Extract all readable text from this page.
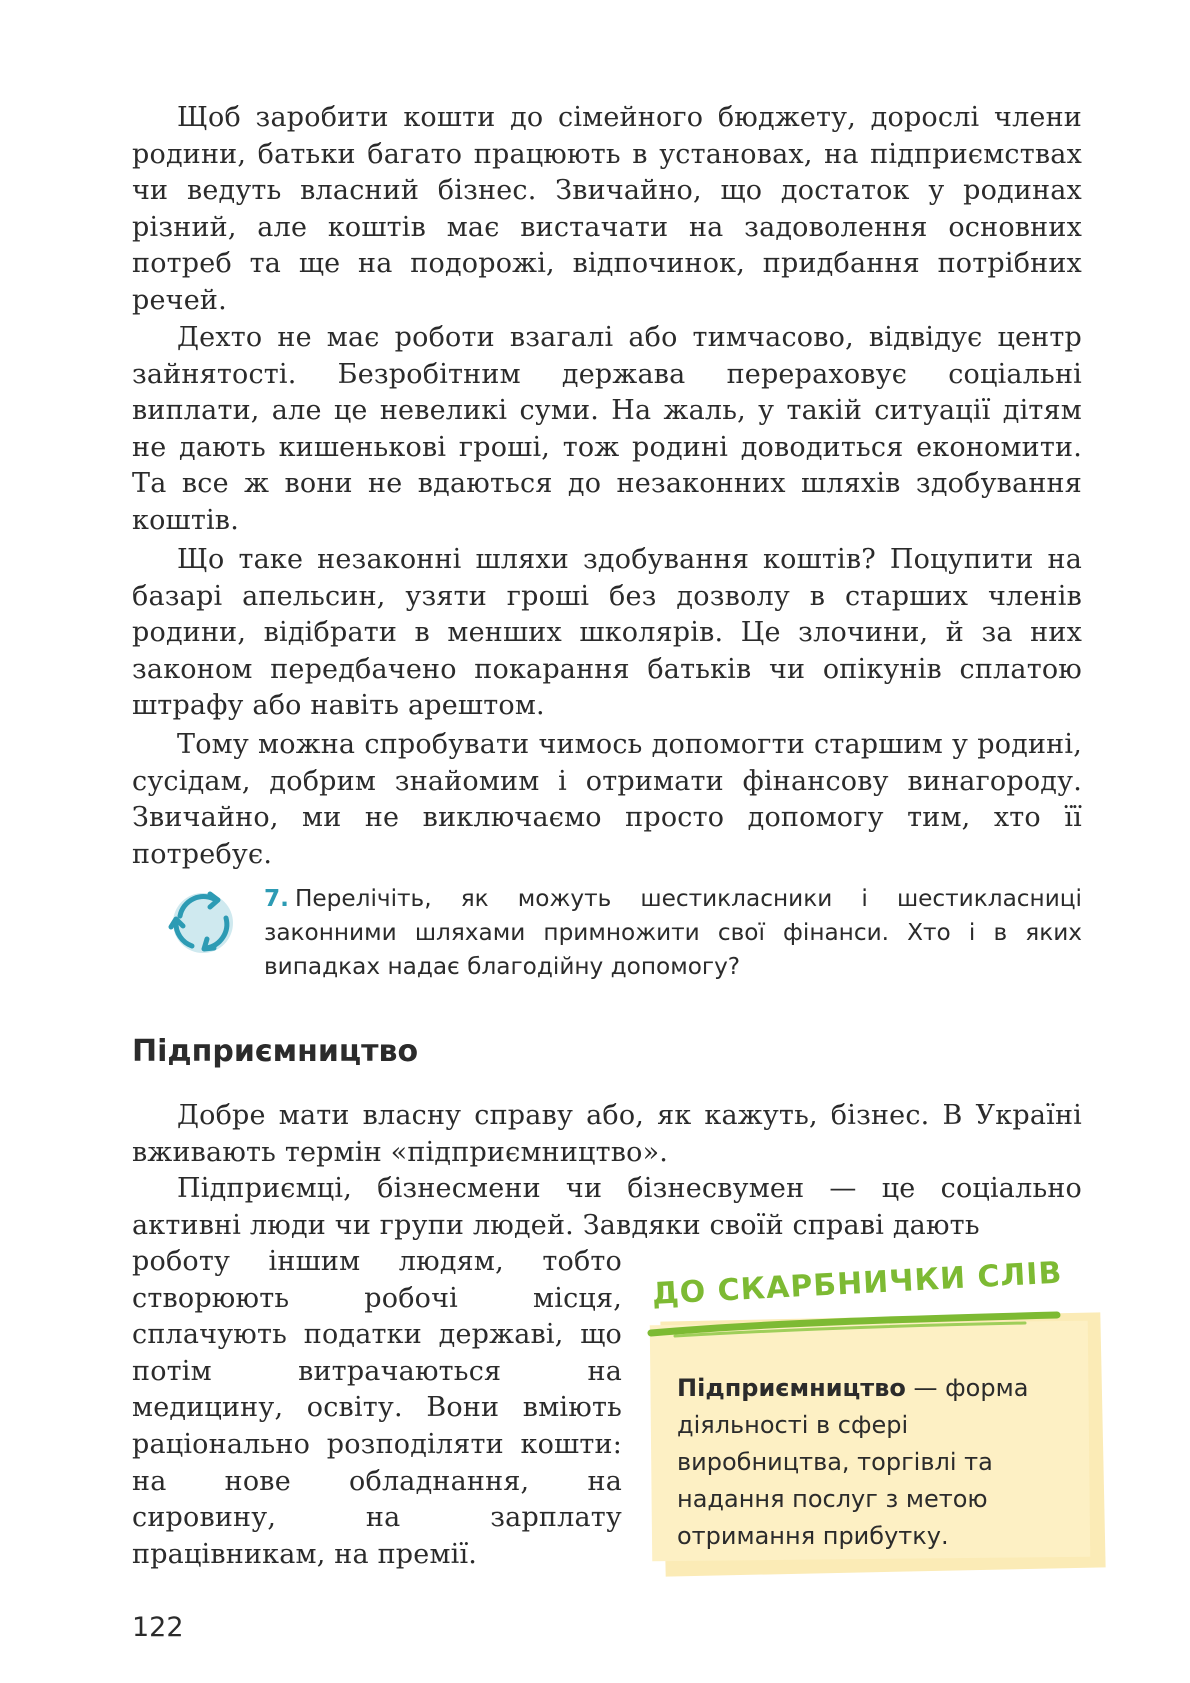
Щоб заробити кошти до сімейного бюджету, дорослі члени родини, батьки багато працюють в установах, на підприємствах чи ведуть власний бізнес. Звичайно, що достаток у родинах різний, але коштів має вистачати на задоволення основних потреб та ще на подорожі, відпочинок, придбання потрібних речей.

Дехто не має роботи взагалі або тимчасово, відвідує центр зайнятості. Безробітним держава перераховує соціальні виплати, але це невеликі суми. На жаль, у такій ситуації дітям не дають кишенькові гроші, тож родині доводиться економити. Та все ж вони не вдаються до незаконних шляхів здобування коштів.

Що таке незаконні шляхи здобування коштів? Поцупити на базарі апельсин, узяти гроші без дозволу в старших членів родини, відібрати в менших школярів. Це злочини, й за них законом передбачено покарання батьків чи опікунів сплатою штрафу або навіть арештом.

Тому можна спробувати чимось допомогти старшим у родині, сусідам, добрим знайомим і отримати фінансову винагороду. Звичайно, ми не виключаємо просто допомогу тим, хто її потребує.

7. Перелічіть, як можуть шестикласники і шестикласниці законними шляхами примножити свої фінанси. Хто і в яких випадках надає благодійну допомогу?
Підприємництво

Добре мати власну справу або, як кажуть, бізнес. В Україні вживають термін «підприємництво».

Підприємці, бізнесмени чи бізнесвумен — це соціально активні люди чи групи людей. Завдяки своїй справі дають

роботу іншим людям, тобто створюють робочі місця, сплачують податки державі, що потім витрачаються на медицину, освіту. Вони вміють раціонально розподіляти кошти: на нове обладнання, на сировину, на зарплату працівникам, на премії.

ДО СКАРБНИЧКИ СЛІВ
Підприємництво — форма діяльності в сфері виробництва, торгівлі та надання послуг з метою отримання прибутку.
122
